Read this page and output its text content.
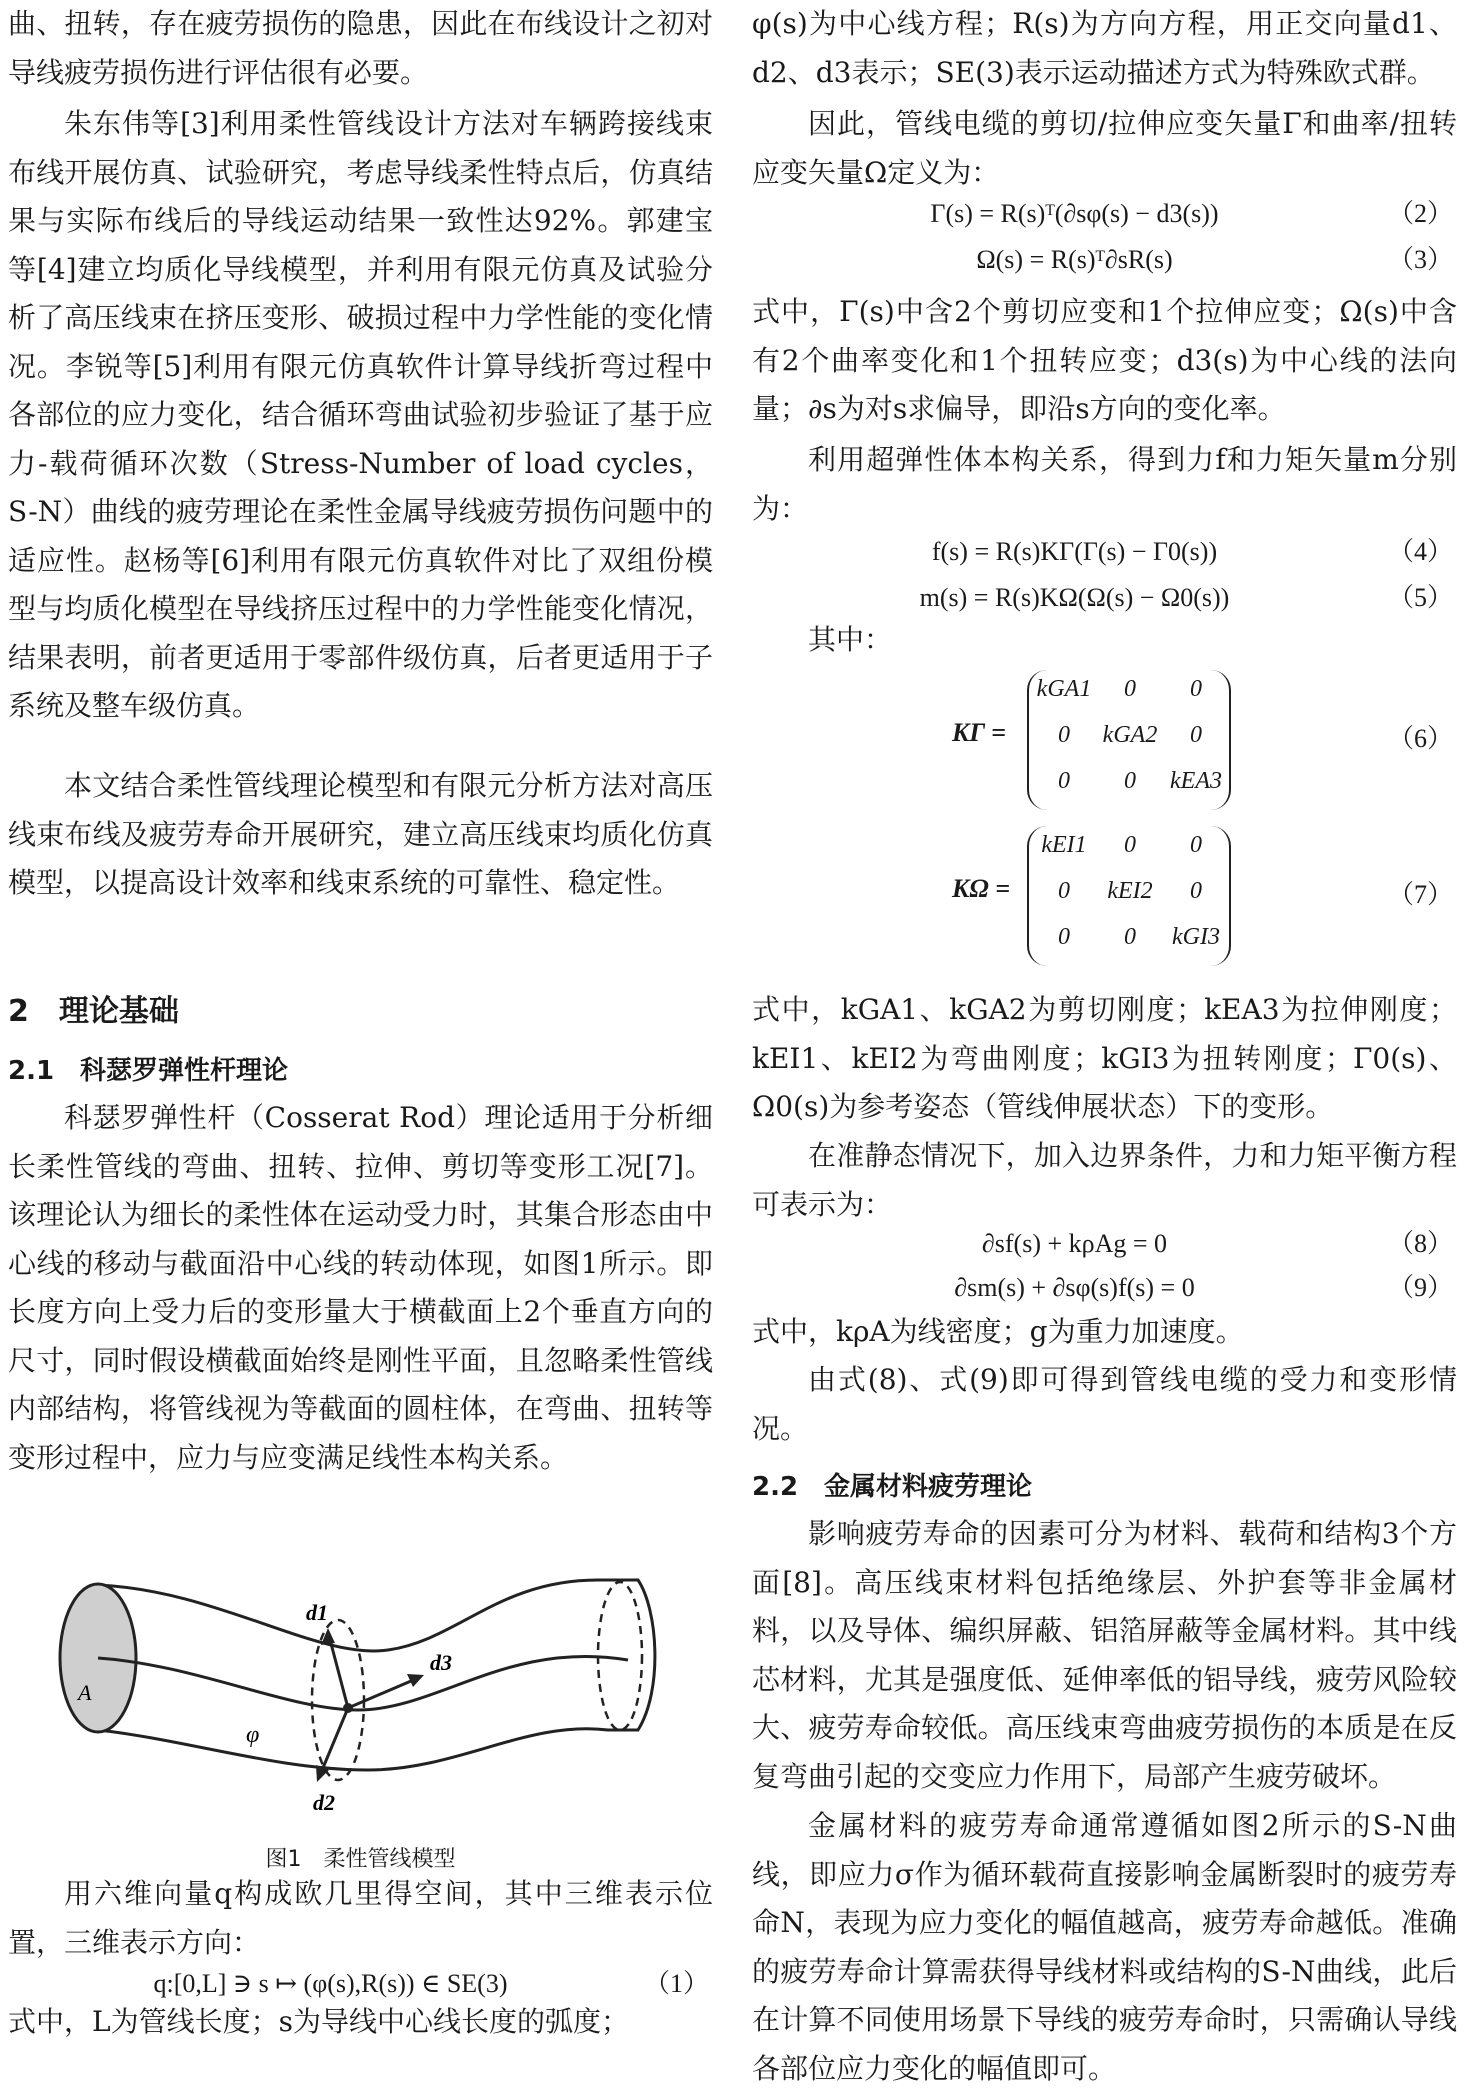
曲、扭转，存在疲劳损伤的隐患，因此在布线设计之初对导线疲劳损伤进行评估很有必要。

朱东伟等[3]利用柔性管线设计方法对车辆跨接线束布线开展仿真、试验研究，考虑导线柔性特点后，仿真结果与实际布线后的导线运动结果一致性达92%。郭建宝等[4]建立均质化导线模型，并利用有限元仿真及试验分析了高压线束在挤压变形、破损过程中力学性能的变化情况。李锐等[5]利用有限元仿真软件计算导线折弯过程中各部位的应力变化，结合循环弯曲试验初步验证了基于应力-载荷循环次数（Stress-Number of load cycles，S-N）曲线的疲劳理论在柔性金属导线疲劳损伤问题中的适应性。赵杨等[6]利用有限元仿真软件对比了双组份模型与均质化模型在导线挤压过程中的力学性能变化情况，结果表明，前者更适用于零部件级仿真，后者更适用于子系统及整车级仿真。

本文结合柔性管线理论模型和有限元分析方法对高压线束布线及疲劳寿命开展研究，建立高压线束均质化仿真模型，以提高设计效率和线束系统的可靠性、稳定性。

2　理论基础
2.1　科瑟罗弹性杆理论

科瑟罗弹性杆（Cosserat Rod）理论适用于分析细长柔性管线的弯曲、扭转、拉伸、剪切等变形工况[7]。该理论认为细长的柔性体在运动受力时，其集合形态由中心线的移动与截面沿中心线的转动体现，如图1所示。即长度方向上受力后的变形量大于横截面上2个垂直方向的尺寸，同时假设横截面始终是刚性平面，且忽略柔性管线内部结构，将管线视为等截面的圆柱体，在弯曲、扭转等变形过程中，应力与应变满足线性本构关系。

A
φ
d1
d3
d2
图1　柔性管线模型

用六维向量q构成欧几里得空间，其中三维表示位置，三维表示方向：

q:[0,L] ∋ s ↦ (φ(s),R(s)) ∈ SE(3)	（1）

式中，L为管线长度；s为导线中心线长度的弧度；

φ(s)为中心线方程；R(s)为方向方程，用正交向量d1、d2、d3表示；SE(3)表示运动描述方式为特殊欧式群。

因此，管线电缆的剪切/拉伸应变矢量Γ和曲率/扭转应变矢量Ω定义为：

Γ(s) = R(s)ᵀ(∂sφ(s) − d3(s))	（2）
Ω(s) = R(s)ᵀ∂sR(s)	（3）

式中，Γ(s)中含2个剪切应变和1个拉伸应变；Ω(s)中含有2个曲率变化和1个扭转应变；d3(s)为中心线的法向量；∂s为对s求偏导，即沿s方向的变化率。

利用超弹性体本构关系，得到力f和力矩矢量m分别为：

f(s) = R(s)KΓ(Γ(s) − Γ0(s))	（4）
m(s) = R(s)KΩ(Ω(s) − Ω0(s))	（5）

其中：

KΓ =
kGA1	0	0
0	kGA2	0
0	0	kEA3
（6）
KΩ =
kEI1	0	0
0	kEI2	0
0	0	kGI3
（7）

式中，kGA1、kGA2为剪切刚度；kEA3为拉伸刚度；kEI1、kEI2为弯曲刚度；kGI3为扭转刚度；Γ0(s)、Ω0(s)为参考姿态（管线伸展状态）下的变形。

在准静态情况下，加入边界条件，力和力矩平衡方程可表示为：

∂sf(s) + kρAg = 0	（8）
∂sm(s) + ∂sφ(s)f(s) = 0	（9）

式中，kρA为线密度；g为重力加速度。

由式(8)、式(9)即可得到管线电缆的受力和变形情况。

2.2　金属材料疲劳理论

影响疲劳寿命的因素可分为材料、载荷和结构3个方面[8]。高压线束材料包括绝缘层、外护套等非金属材料，以及导体、编织屏蔽、铝箔屏蔽等金属材料。其中线芯材料，尤其是强度低、延伸率低的铝导线，疲劳风险较大、疲劳寿命较低。高压线束弯曲疲劳损伤的本质是在反复弯曲引起的交变应力作用下，局部产生疲劳破坏。

金属材料的疲劳寿命通常遵循如图2所示的S-N曲线，即应力σ作为循环载荷直接影响金属断裂时的疲劳寿命N，表现为应力变化的幅值越高，疲劳寿命越低。准确的疲劳寿命计算需获得导线材料或结构的S-N曲线，此后在计算不同使用场景下导线的疲劳寿命时，只需确认导线各部位应力变化的幅值即可。
